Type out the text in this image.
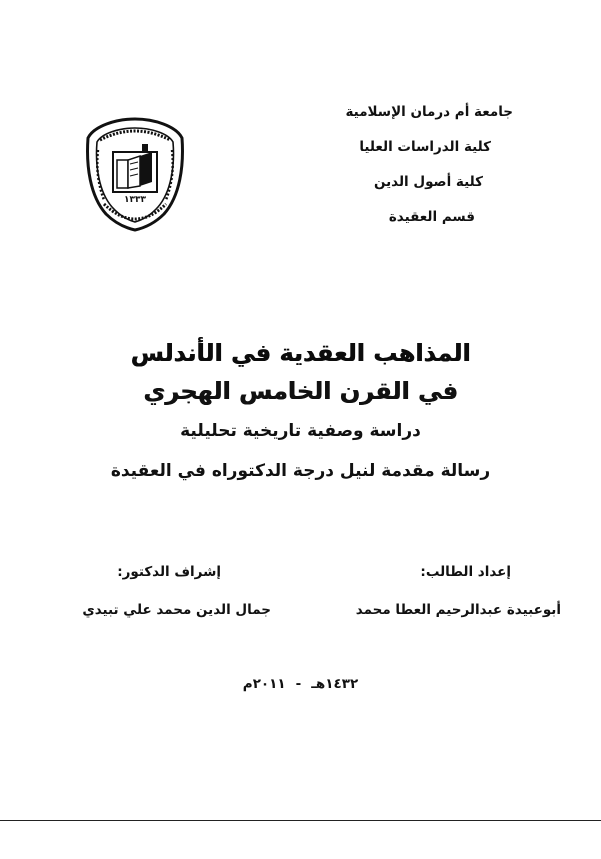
جامعة أم درمان الإسلامية
كلية الدراسات العليا
كلية أصول الدين
قسم العقيدة
١٣٣٣
المذاهب العقدية في الأندلس
في القرن الخامس الهجري
دراسة وصفية تاريخية تحليلية
رسالة مقدمة لنيل درجة الدكتوراه في العقيدة
إعداد الطالب:
إشراف الدكتور:
أبوعبيدة عبدالرحيم العطا محمد
جمال الدين محمد علي تبيدي
١٤٣٢هـ-٢٠١١م
